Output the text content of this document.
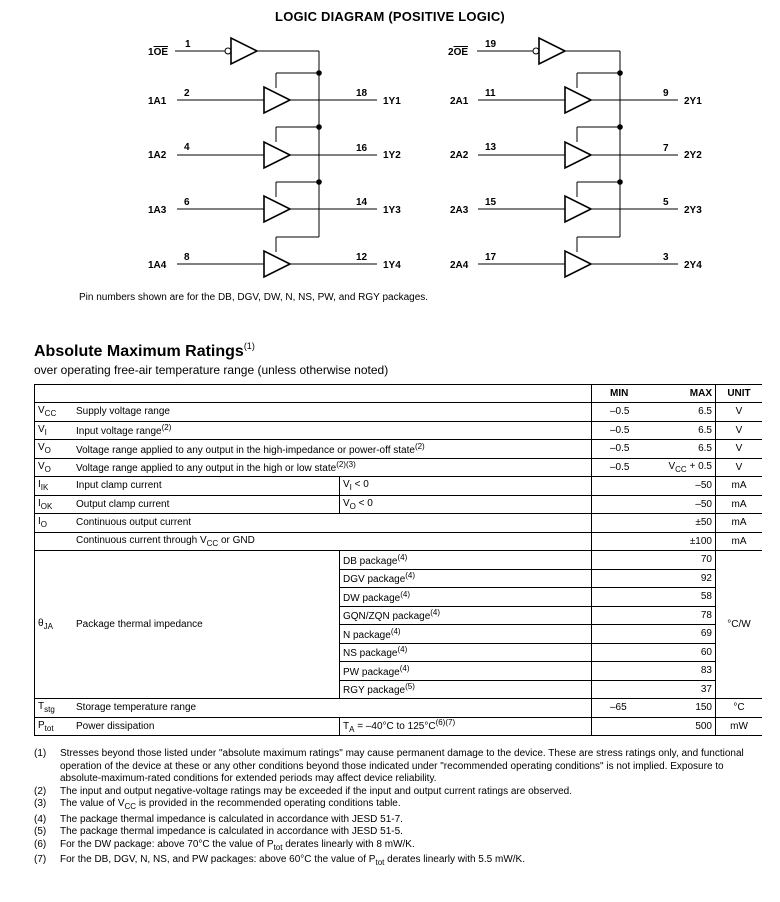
LOGIC DIAGRAM (POSITIVE LOGIC)
1OE
1
1A1
2	18
1Y1
1A2
4	16
1Y2
1A3
6	14
1Y3
1A4
8	12
1Y4
2OE
19
2A1
11	9
2Y1
2A2
13	7
2Y2
2A3
15	5
2Y3
2A4
17	3
2Y4
Pin numbers shown are for the DB, DGV, DW, N, NS, PW, and RGY packages.
Absolute Maximum Ratings$^{(1)}$
over operating free-air temperature range (unless otherwise noted)
			MIN	MAX	UNIT
$V_{CC}$	Supply voltage range		–0.5	6.5	V
$V_I$	Input voltage range$^{(2)}$		–0.5	6.5	V
$V_O$	Voltage range applied to any output in the high-impedance or power-off state$^{(2)}$		–0.5	6.5	V
$V_O$	Voltage range applied to any output in the high or low state$^{(2)(3)}$		–0.5	$V_{CC} + 0.5$	V
$I_{IK}$	Input clamp current	$V_I < 0$		–50	mA
$I_{OK}$	Output clamp current	$V_O < 0$		–50	mA
$I_O$	Continuous output current			±50	mA
	Continuous current through $V_{CC}$ or GND			±100	mA
$\theta_{JA}$	Package thermal impedance	DB package$^{(4)}$		70	°C/W
		DGV package$^{(4)}$		92	
		DW package$^{(4)}$		58	
		GQN/ZQN package$^{(4)}$		78	
		N package$^{(4)}$		69	
		NS package$^{(4)}$		60	
		PW package$^{(4)}$		83	
		RGY package$^{(5)}$		37	
$T_{stg}$	Storage temperature range		–65	150	°C
$P_{tot}$	Power dissipation	$T_A = -40^\circ C$ to 125°C$^{(6)(7)}$		500	mW
(1)	Stresses beyond those listed under "absolute maximum ratings" may cause permanent damage to the device. These are stress ratings only, and functional operation of the device at these or any other conditions beyond those indicated under "recommended operating conditions" is not implied. Exposure to absolute-maximum-rated conditions for extended periods may affect device reliability.
(2)	The input and output negative-voltage ratings may be exceeded if the input and output current ratings are observed.
(3)	The value of $V_{CC}$ is provided in the recommended operating conditions table.
(4)	The package thermal impedance is calculated in accordance with JESD 51-7.
(5)	The package thermal impedance is calculated in accordance with JESD 51-5.
(6)	For the DW package: above 70°C the value of $P_{tot}$ derates linearly with 8 mW/K.
(7)	For the DB, DGV, N, NS, and PW packages: above 60°C the value of $P_{tot}$ derates linearly with 5.5 mW/K.
